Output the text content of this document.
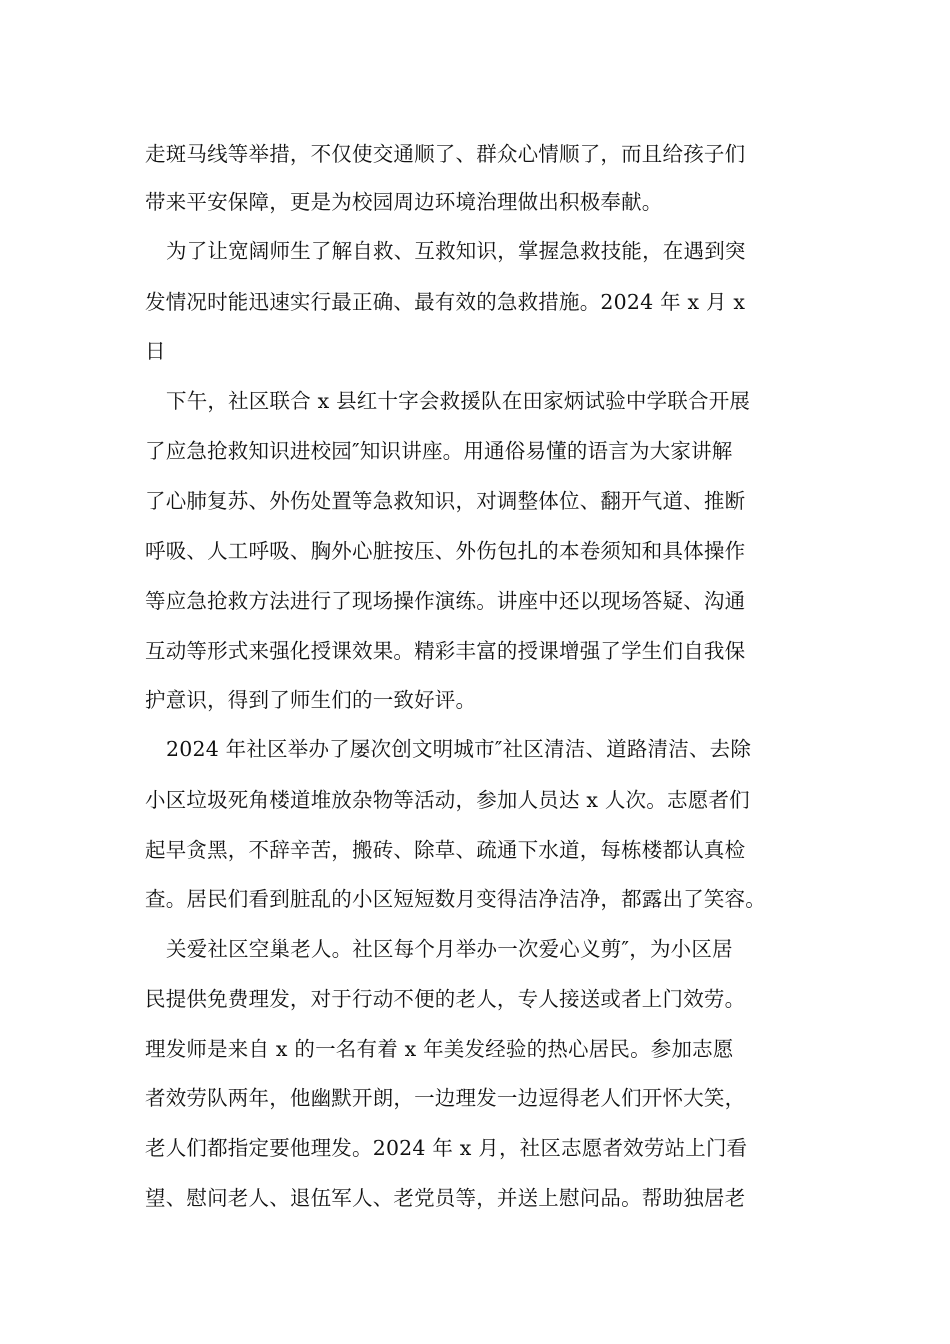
走斑马线等举措，不仅使交通顺了、群众心情顺了，而且给孩子们
带来平安保障，更是为校园周边环境治理做出积极奉献。
为了让宽阔师生了解自救、互救知识，掌握急救技能，在遇到突
发情况时能迅速实行最正确、最有效的急救措施。2024 年 x 月 x
日
下午，社区联合 x 县红十字会救援队在田家炳试验中学联合开展
了应急抢救知识进校园″知识讲座。用通俗易懂的语言为大家讲解
了心肺复苏、外伤处置等急救知识，对调整体位、翻开气道、推断
呼吸、人工呼吸、胸外心脏按压、外伤包扎的本卷须知和具体操作
等应急抢救方法进行了现场操作演练。讲座中还以现场答疑、沟通
互动等形式来强化授课效果。精彩丰富的授课增强了学生们自我保
护意识，得到了师生们的一致好评。
2024 年社区举办了屡次创文明城市″社区清洁、道路清洁、去除
小区垃圾死角楼道堆放杂物等活动，参加人员达 x 人次。志愿者们
起早贪黑，不辞辛苦，搬砖、除草、疏通下水道，每栋楼都认真检
查。居民们看到脏乱的小区短短数月变得洁净洁净，都露出了笑容。
关爱社区空巢老人。社区每个月举办一次爱心义剪″，为小区居
民提供免费理发，对于行动不便的老人，专人接送或者上门效劳。
理发师是来自 x 的一名有着 x 年美发经验的热心居民。参加志愿
者效劳队两年，他幽默开朗，一边理发一边逗得老人们开怀大笑，
老人们都指定要他理发。2024 年 x 月，社区志愿者效劳站上门看
望、慰问老人、退伍军人、老党员等，并送上慰问品。帮助独居老
